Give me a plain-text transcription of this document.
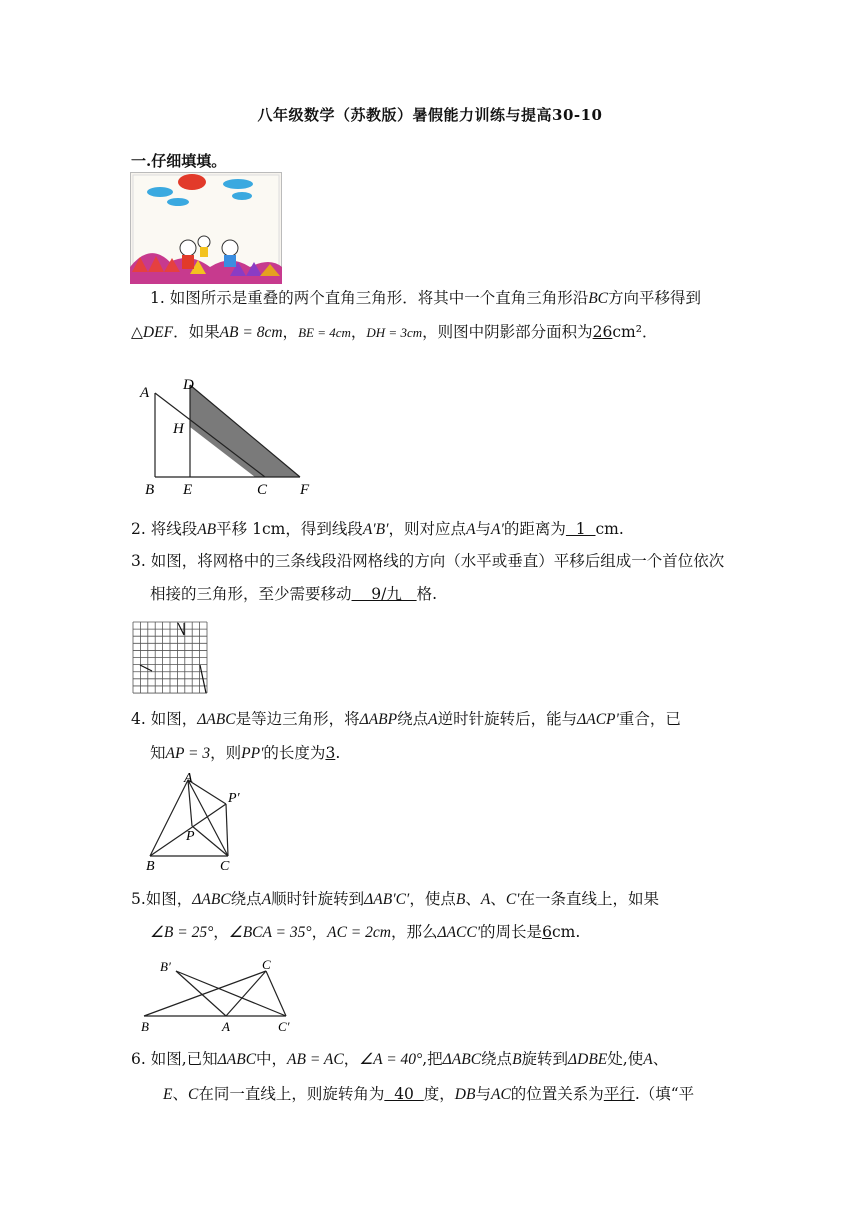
八年级数学（苏教版）暑假能力训练与提高30-10
一.仔细填填。
1. 如图所示是重叠的两个直角三角形．将其中一个直角三角形沿BC方向平移得到
△DEF．如果AB = 8cm，BE = 4cm，DH = 3cm，则图中阴影部分面积为26cm²．
A D
H
B E	C F
2. 将线段AB平移 1cm，得到线段A′B′，则对应点A与A′的距离为  1  cm.
3. 如图，将网格中的三条线段沿网格线的方向（水平或垂直）平移后组成一个首位依次
相接的三角形，至少需要移动    9/九   格.
4. 如图，ΔABC是等边三角形，将ΔABP绕点A逆时针旋转后，能与ΔACP'重合，已
知AP = 3，则PP'的长度为3.
A
P′
P
B	C
5.如图，ΔABC绕点A顺时针旋转到ΔAB′C′，使点B、A、C'在一条直线上，如果
∠B = 25°，∠BCA = 35°，AC = 2cm，那么ΔACC'的周长是6cm.
B′	C
B	A	C′
6. 如图,已知ΔABC中，AB = AC，∠A = 40°,把ΔABC绕点B旋转到ΔDBE处,使A、
E、C在同一直线上，则旋转角为  40  度，DB与AC的位置关系为平行.（填“平
